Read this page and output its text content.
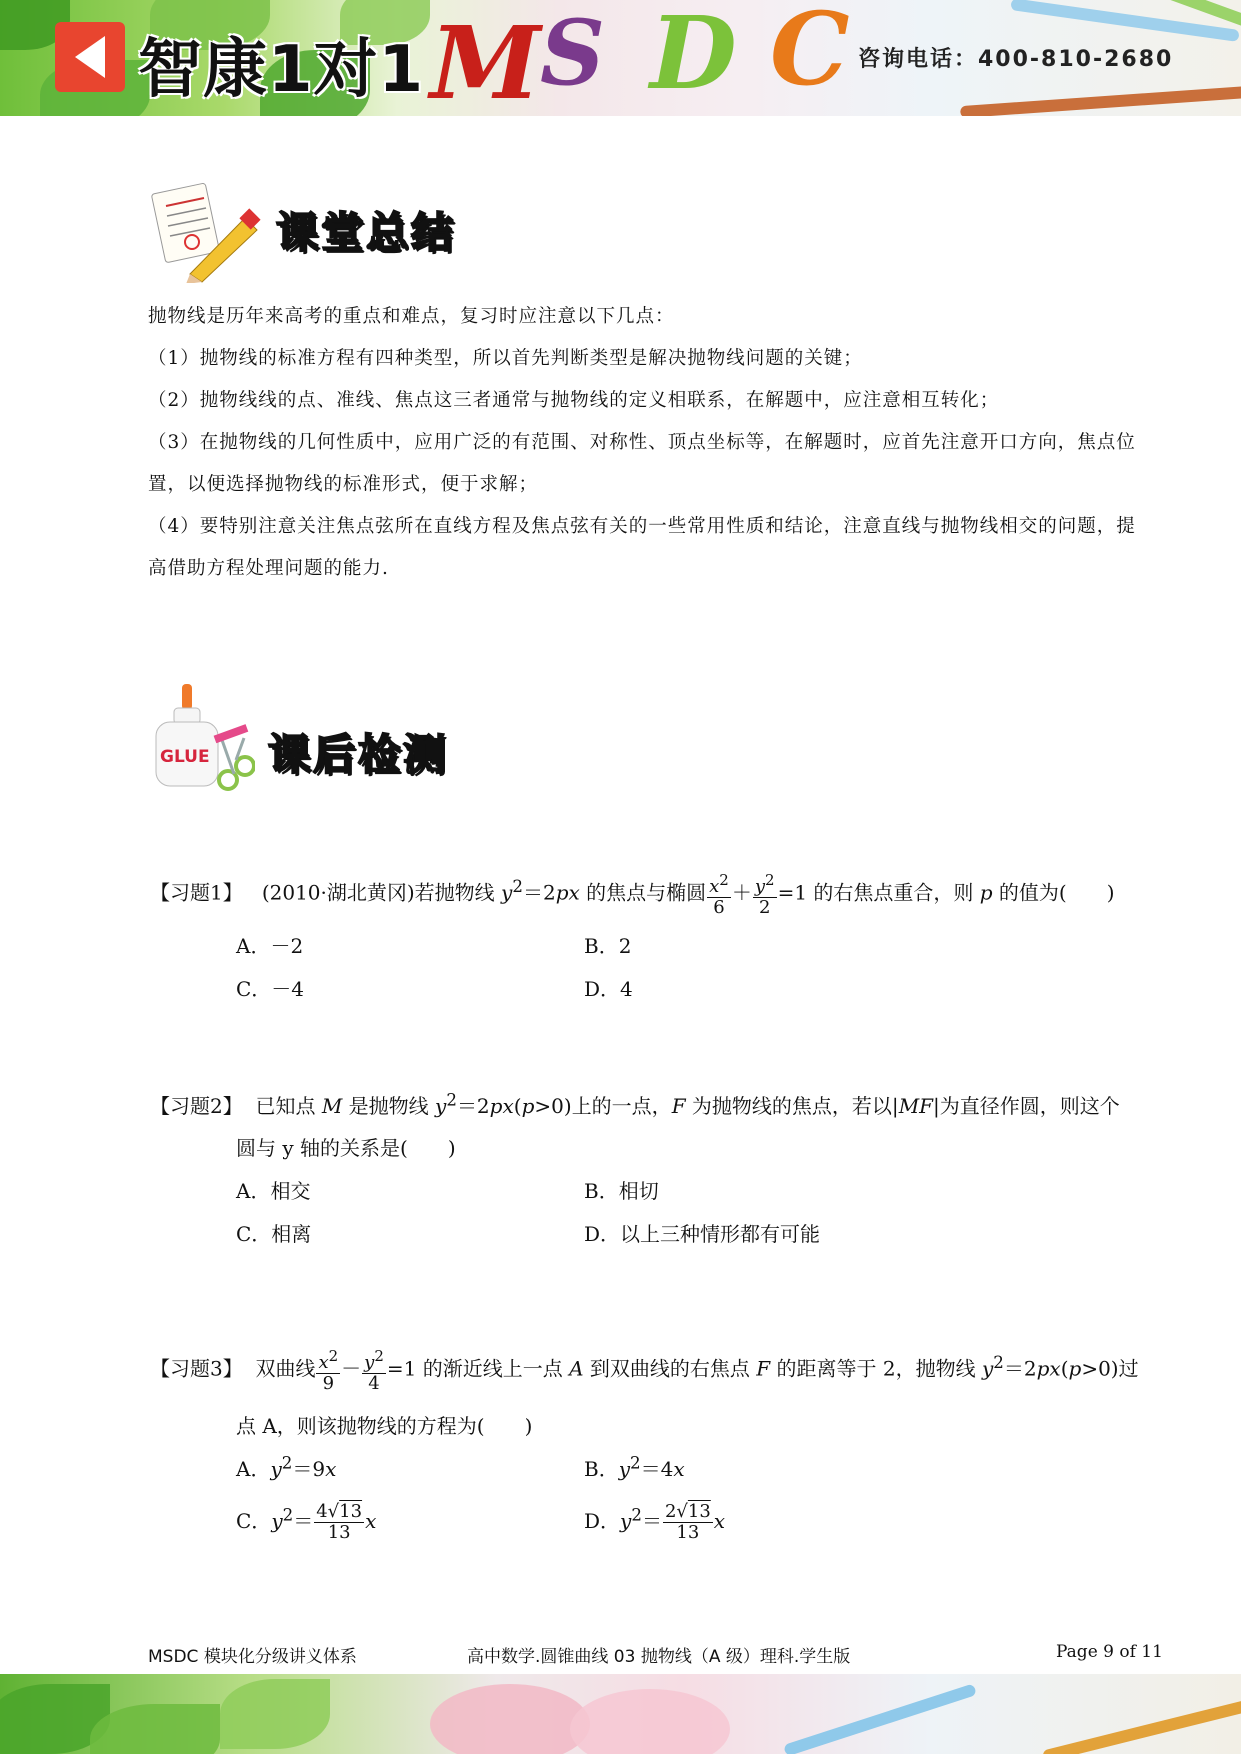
智康1对1 M S D C 咨询电话：400-810-2680
课堂总结

抛物线是历年来高考的重点和难点，复习时应注意以下几点：

（1）抛物线的标准方程有四种类型，所以首先判断类型是解决抛物线问题的关键；

（2）抛物线线的点、准线、焦点这三者通常与抛物线的定义相联系，在解题中，应注意相互转化；

（3）在抛物线的几何性质中，应用广泛的有范围、对称性、顶点坐标等，在解题时，应首先注意开口方向，焦点位置，以便选择抛物线的标准形式，便于求解；

（4）要特别注意关注焦点弦所在直线方程及焦点弦有关的一些常用性质和结论，注意直线与抛物线相交的问题，提高借助方程处理问题的能力.

GLUE 课后检测
【习题1】 (2010·湖北黄冈)若抛物线 $y^2=2px$ 的焦点与椭圆 $\frac{x^2}{6} + \frac{y^2}{2} =1$ 的右焦点重合，则 p 的值为(　　)
A．－2	B．2
C．－4	D．4
【习题2】 已知点 M 是抛物线 $y^2=2px(p>0)$上的一点，F 为抛物线的焦点，若以|MF|为直径作圆，则这个
圆与 y 轴的关系是(　　)
A．相交	B．相切
C．相离	D．以上三种情形都有可能
【习题3】 双曲线 $\frac{x^2}{9} - \frac{y^2}{4} =1$ 的渐近线上一点 A 到双曲线的右焦点 F 的距离等于 2，抛物线 $y^2=2px(p>0)$过
点 A，则该抛物线的方程为(　　)
A．$y^2=9x$	B．$y^2=4x$
C．$y^2= \frac{4√13}{13}$ x	D．$y^2= \frac{2√13}{13}$ x
MSDC 模块化分级讲义体系	高中数学.圆锥曲线 03 抛物线（A 级）理科.学生版	Page 9 of 11
